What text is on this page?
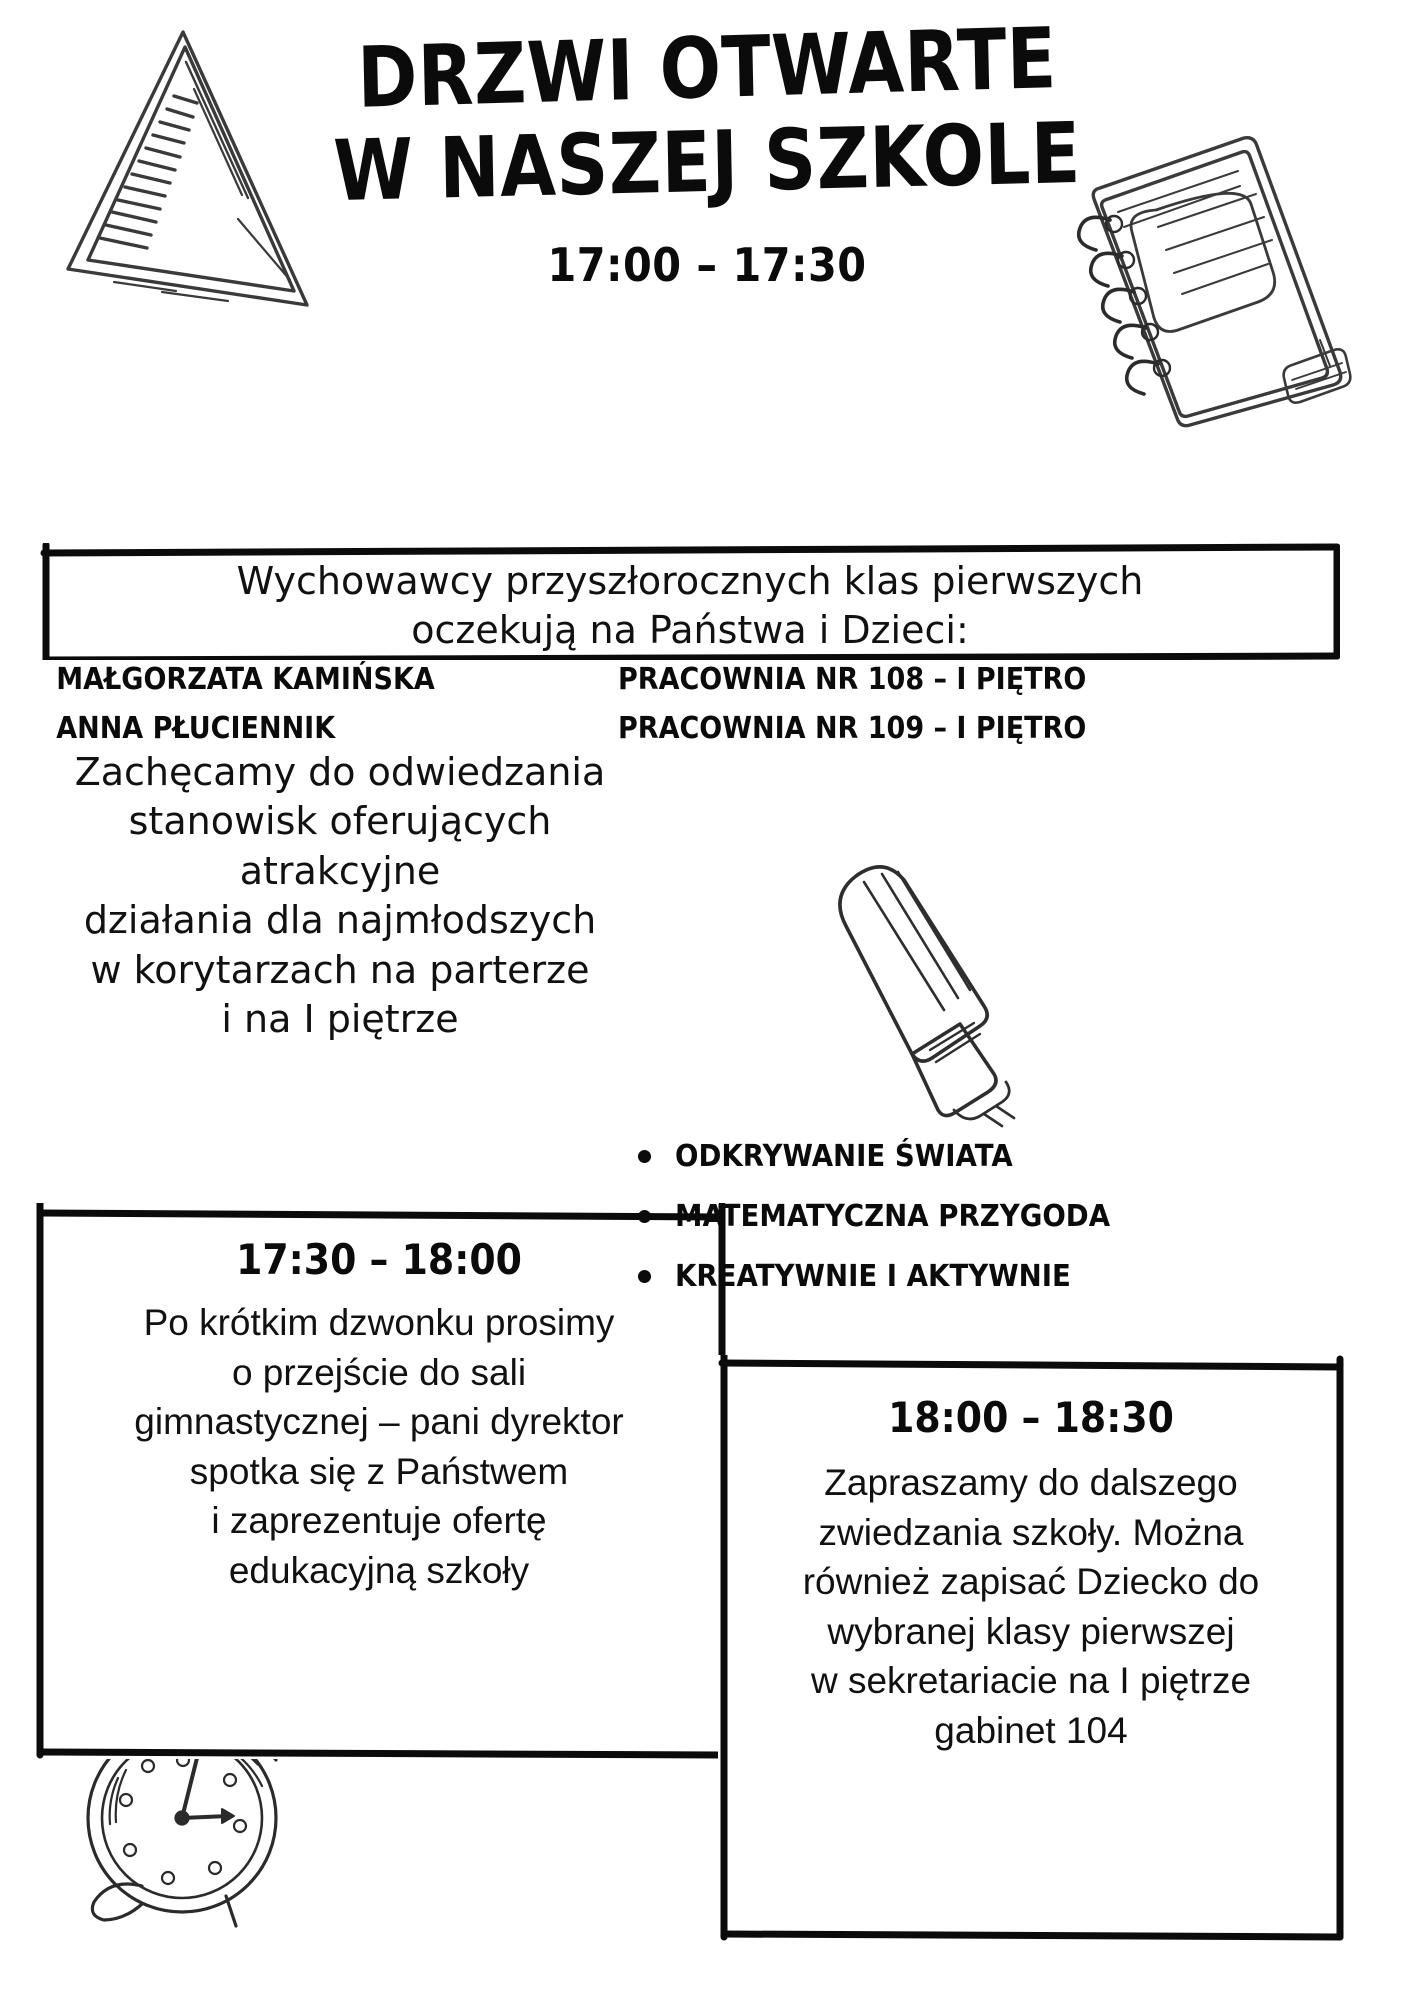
DRZWI OTWARTE
W NASZEJ SZKOLE
17:00 – 17:30
Wychowawcy przyszłorocznych klas pierwszych
oczekują na Państwa i Dzieci:
MAŁGORZATA KAMIŃSKA	PRACOWNIA NR 108 – I PIĘTRO
ANNA PŁUCIENNIK	PRACOWNIA NR 109 – I PIĘTRO
Zachęcamy do odwiedzania
stanowisk oferujących atrakcyjne
działania dla najmłodszych
w korytarzach na parterze
i na I piętrze
ODKRYWANIE ŚWIATA
MATEMATYCZNA PRZYGODA
KREATYWNIE I AKTYWNIE
17:30 – 18:00
Po krótkim dzwonku prosimy
o przejście do sali
gimnastycznej – pani dyrektor
spotka się z Państwem
i zaprezentuje ofertę
edukacyjną szkoły
18:00 – 18:30
Zapraszamy do dalszego
zwiedzania szkoły. Można
również zapisać Dziecko do
wybranej klasy pierwszej
w sekretariacie na I piętrze
gabinet 104
